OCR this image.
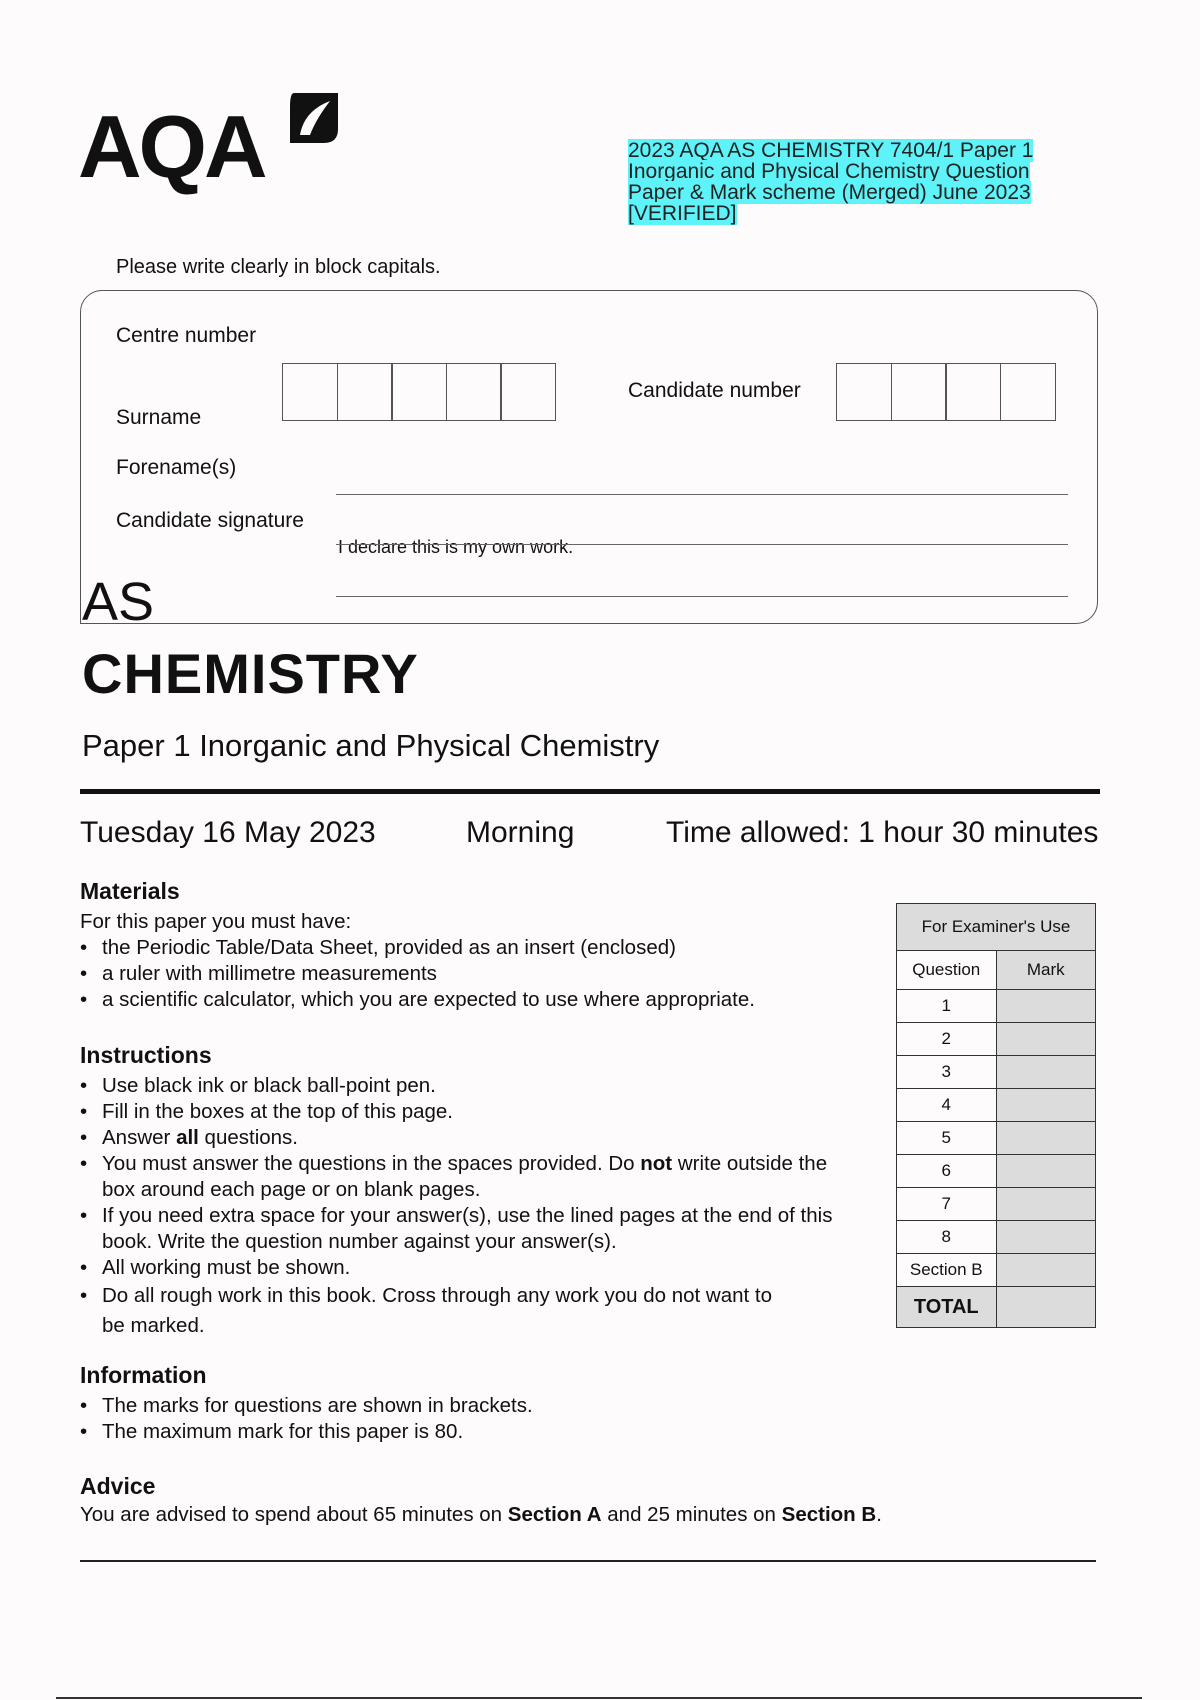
AQA	2023 AQA AS CHEMISTRY 7404/1 Paper 1 Inorganic and Physical Chemistry Question Paper & Mark scheme (Merged) June 2023 [VERIFIED]
Please write clearly in block capitals.
Centre number
Candidate number
Surname
Forename(s)
Candidate signature
I declare this is my own work.
AS
CHEMISTRY
Paper 1 Inorganic and Physical Chemistry
Tuesday 16 May 2023	Morning	Time allowed: 1 hour 30 minutes
Materials
For this paper you must have:
• the Periodic Table/Data Sheet, provided as an insert (enclosed)
• a ruler with millimetre measurements
• a scientific calculator, which you are expected to use where appropriate.
Instructions
• Use black ink or black ball-point pen.
• Fill in the boxes at the top of this page.
• Answer all questions.
• You must answer the questions in the spaces provided. Do not write outside the box around each page or on blank pages.
• If you need extra space for your answer(s), use the lined pages at the end of this book. Write the question number against your answer(s).
• All working must be shown.
• Do all rough work in this book. Cross through any work you do not want to be marked.
Information
• The marks for questions are shown in brackets.
• The maximum mark for this paper is 80.
Advice
You are advised to spend about 65 minutes on Section A and 25 minutes on Section B.
For Examiner's Use	
Question	Mark
1	
2	
3	
4	
5	
6	
7	
8	
Section B	
TOTAL	
